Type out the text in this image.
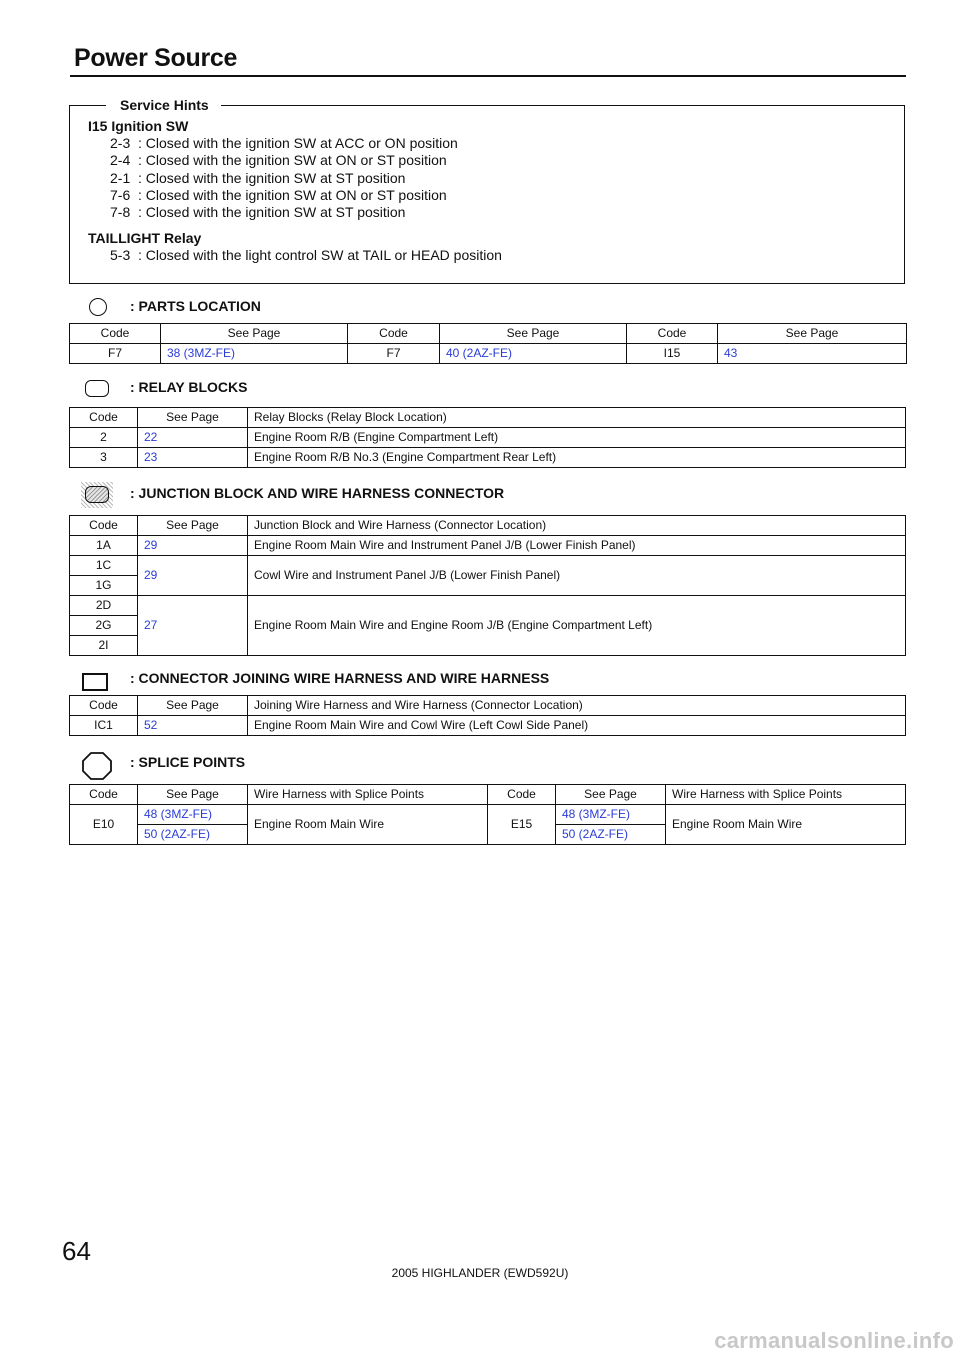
Power Source
Service Hints
I15 Ignition SW
2-3  : Closed with the ignition SW at ACC or ON position
2-4  : Closed with the ignition SW at ON or ST position
2-1  : Closed with the ignition SW at ST position
7-6  : Closed with the ignition SW at ON or ST position
7-8  : Closed with the ignition SW at ST position
TAILLIGHT Relay
5-3  : Closed with the light control SW at TAIL or HEAD position
: PARTS LOCATION
Code	See Page	Code	See Page	Code	See Page
F7	38 (3MZ-FE)	F7	40 (2AZ-FE)	I15	43
: RELAY BLOCKS
Code	See Page	Relay Blocks (Relay Block Location)
2	22	Engine Room R/B (Engine Compartment Left)
3	23	Engine Room R/B No.3 (Engine Compartment Rear Left)
: JUNCTION BLOCK AND WIRE HARNESS CONNECTOR
Code	See Page	Junction Block and Wire Harness (Connector Location)
1A	29	Engine Room Main Wire and Instrument Panel J/B (Lower Finish Panel)
1C	29	Cowl Wire and Instrument Panel J/B (Lower Finish Panel)
1G		
2D	27	Engine Room Main Wire and Engine Room J/B (Engine Compartment Left)
2G		
2I		
: CONNECTOR JOINING WIRE HARNESS AND WIRE HARNESS
Code	See Page	Joining Wire Harness and Wire Harness (Connector Location)
IC1	52	Engine Room Main Wire and Cowl Wire (Left Cowl Side Panel)
: SPLICE POINTS
Code	See Page	Wire Harness with Splice Points	Code	See Page	Wire Harness with Splice Points
E10	48 (3MZ-FE)	Engine Room Main Wire	E15	48 (3MZ-FE)	Engine Room Main Wire
	50 (2AZ-FE)			50 (2AZ-FE)	
64
2005 HIGHLANDER (EWD592U)
carmanualsonline.info
